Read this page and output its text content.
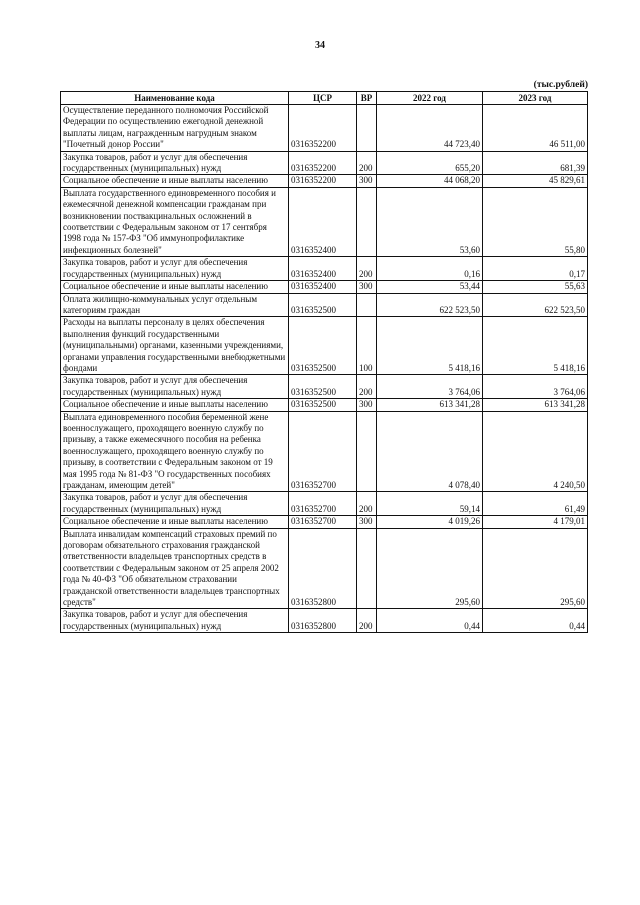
34
(тыс.рублей)
Наименование кода	ЦСР	ВР	2022 год	2023 год
Осуществление переданного полномочия Российской Федерации по осуществлению ежегодной денежной выплаты лицам, награжденным нагрудным знаком "Почетный донор России"	0316352200		44 723,40	46 511,00
Закупка товаров, работ и услуг для обеспечения государственных (муниципальных) нужд	0316352200	200	655,20	681,39
Социальное обеспечение и иные выплаты населению	0316352200	300	44 068,20	45 829,61
Выплата государственного единовременного пособия и ежемесячной денежной компенсации гражданам при возникновении поствакцинальных осложнений в соответствии с Федеральным законом от 17 сентября 1998 года № 157-ФЗ "Об иммунопрофилактике инфекционных болезней"	0316352400		53,60	55,80
Закупка товаров, работ и услуг для обеспечения государственных (муниципальных) нужд	0316352400	200	0,16	0,17
Социальное обеспечение и иные выплаты населению	0316352400	300	53,44	55,63
Оплата жилищно-коммунальных услуг отдельным категориям граждан	0316352500		622 523,50	622 523,50
Расходы на выплаты персоналу в целях обеспечения выполнения функций государственными (муниципальными) органами, казенными учреждениями, органами управления государственными внебюджетными фондами	0316352500	100	5 418,16	5 418,16
Закупка товаров, работ и услуг для обеспечения государственных (муниципальных) нужд	0316352500	200	3 764,06	3 764,06
Социальное обеспечение и иные выплаты населению	0316352500	300	613 341,28	613 341,28
Выплата единовременного пособия беременной жене военнослужащего, проходящего военную службу по призыву, а также ежемесячного пособия на ребенка военнослужащего, проходящего военную службу по призыву, в соответствии с Федеральным законом от 19 мая 1995 года № 81-ФЗ "О государственных пособиях гражданам, имеющим детей"	0316352700		4 078,40	4 240,50
Закупка товаров, работ и услуг для обеспечения государственных (муниципальных) нужд	0316352700	200	59,14	61,49
Социальное обеспечение и иные выплаты населению	0316352700	300	4 019,26	4 179,01
Выплата инвалидам компенсаций страховых премий по договорам обязательного страхования гражданской ответственности владельцев транспортных средств в соответствии с Федеральным законом от 25 апреля 2002 года № 40-ФЗ "Об обязательном страховании гражданской ответственности владельцев транспортных средств"	0316352800		295,60	295,60
Закупка товаров, работ и услуг для обеспечения государственных (муниципальных) нужд	0316352800	200	0,44	0,44
